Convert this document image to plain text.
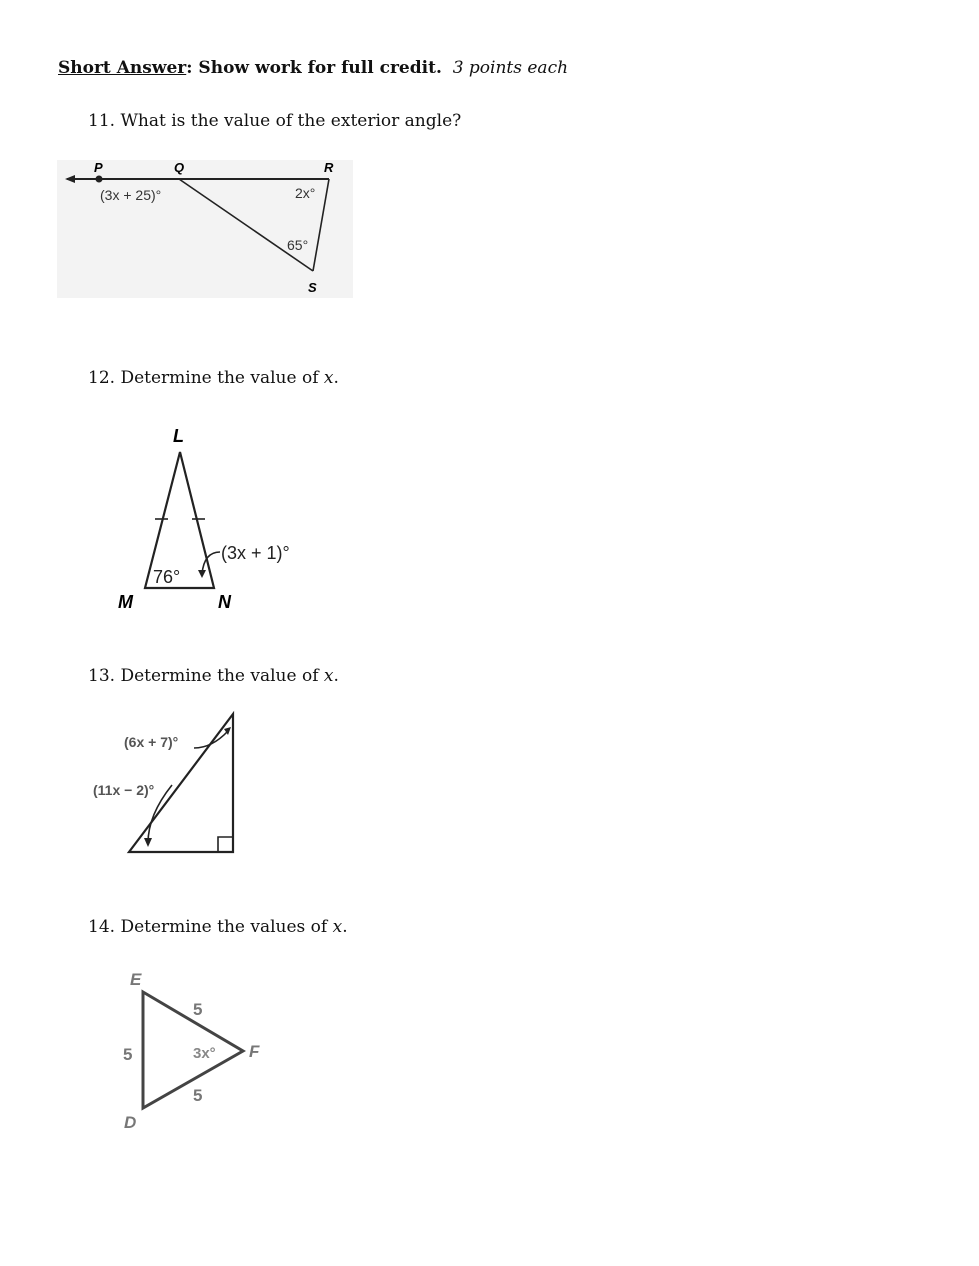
Short Answer: Show work for full credit. 3 points each
11. What is the value of the exterior angle?
P	Q	R
S
(3x + 25)°	2x°
65°
12. Determine the value of x.
L
M	N
76°
(3x + 1)°
13. Determine the value of x.
(6x + 7)°
(11x − 2)°
14. Determine the values of x.
E
F
D
5
5
5
3x°
